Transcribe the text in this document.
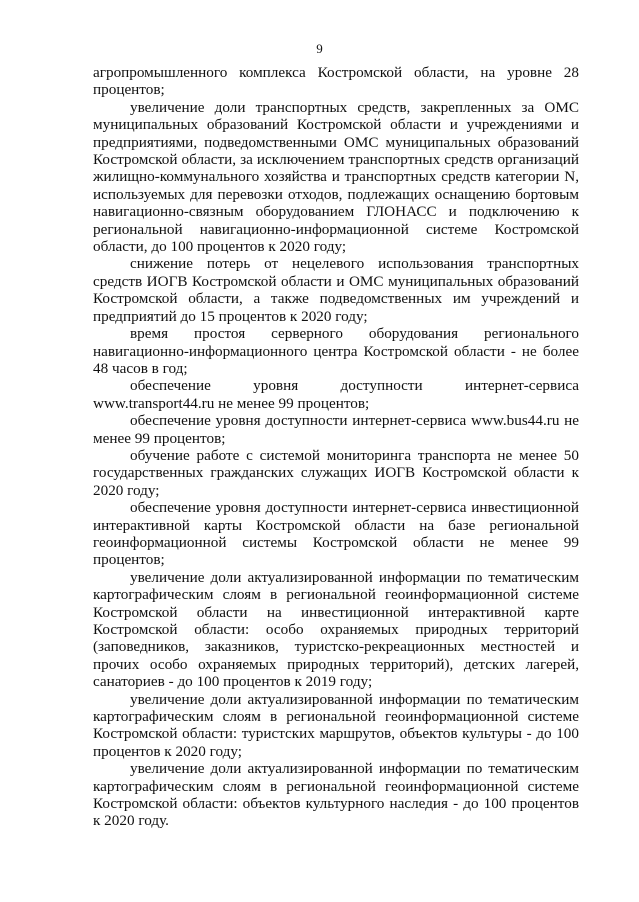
9

агропромышленного комплекса Костромской области, на уровне 28 процентов;

увеличение доли транспортных средств, закрепленных за ОМС муниципальных образований Костромской области и учреждениями и предприятиями, подведомственными ОМС муниципальных образований Костромской области, за исключением транспортных средств организаций жилищно-коммунального хозяйства и транспортных средств категории N, используемых для перевозки отходов, подлежащих оснащению бортовым навигационно-связным оборудованием ГЛОНАСС и подключению к региональной навигационно-информационной системе Костромской области, до 100 процентов к 2020 году;

снижение потерь от нецелевого использования транспортных средств ИОГВ Костромской области и ОМС муниципальных образований Костромской области, а также подведомственных им учреждений и предприятий до 15 процентов к 2020 году;

время простоя серверного оборудования регионального навигационно-информационного центра Костромской области - не более 48 часов в год;

обеспечение уровня доступности интернет-сервиса www.transport44.ru не менее 99 процентов;

обеспечение уровня доступности интернет-сервиса www.bus44.ru не менее 99 процентов;

обучение работе с системой мониторинга транспорта не менее 50 государственных гражданских служащих ИОГВ Костромской области к 2020 году;

обеспечение уровня доступности интернет-сервиса инвестиционной интерактивной карты Костромской области на базе региональной геоинформационной системы Костромской области не менее 99 процентов;

увеличение доли актуализированной информации по тематическим картографическим слоям в региональной геоинформационной системе Костромской области на инвестиционной интерактивной карте Костромской области: особо охраняемых природных территорий (заповедников, заказников, туристско-рекреационных местностей и прочих особо охраняемых природных территорий), детских лагерей, санаториев - до 100 процентов к 2019 году;

увеличение доли актуализированной информации по тематическим картографическим слоям в региональной геоинформационной системе Костромской области: туристских маршрутов, объектов культуры - до 100 процентов к 2020 году;

увеличение доли актуализированной информации по тематическим картографическим слоям в региональной геоинформационной системе Костромской области: объектов культурного наследия - до 100 процентов к 2020 году.
